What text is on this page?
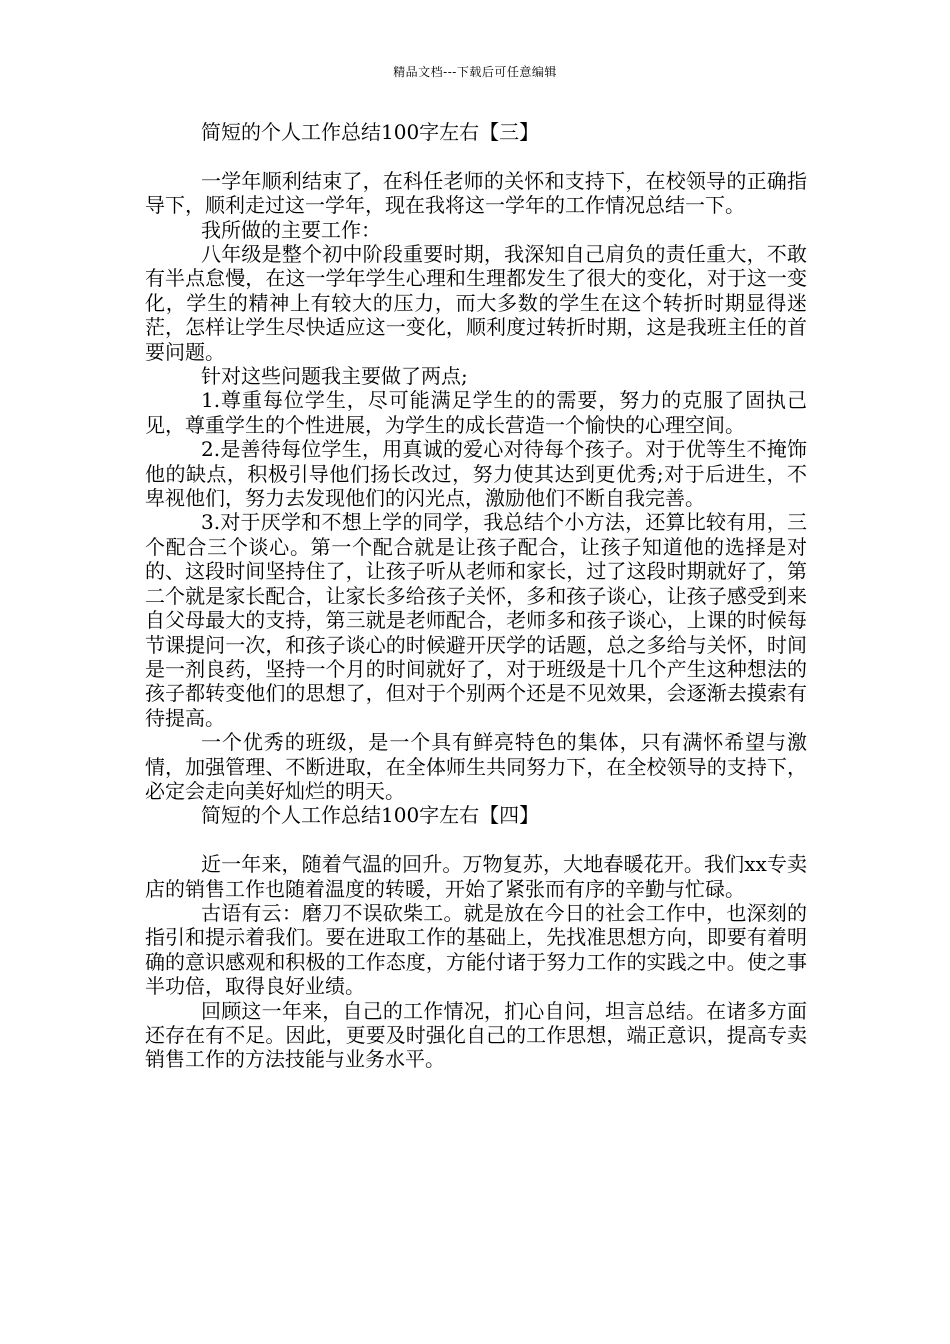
精品文档---下载后可任意编辑

简短的个人工作总结100字左右【三】

一学年顺利结束了，在科任老师的关怀和支持下，在校领导的正确指导下，顺利走过这一学年，现在我将这一学年的工作情况总结一下。

我所做的主要工作：

八年级是整个初中阶段重要时期，我深知自己肩负的责任重大，不敢有半点怠慢，在这一学年学生心理和生理都发生了很大的变化，对于这一变化，学生的精神上有较大的压力，而大多数的学生在这个转折时期显得迷茫，怎样让学生尽快适应这一变化，顺利度过转折时期，这是我班主任的首要问题。

针对这些问题我主要做了两点;

1.尊重每位学生，尽可能满足学生的的需要，努力的克服了固执己见，尊重学生的个性进展，为学生的成长营造一个愉快的心理空间。

2.是善待每位学生，用真诚的爱心对待每个孩子。对于优等生不掩饰他的缺点，积极引导他们扬长改过，努力使其达到更优秀;对于后进生，不卑视他们，努力去发现他们的闪光点，激励他们不断自我完善。

3.对于厌学和不想上学的同学，我总结个小方法，还算比较有用，三个配合三个谈心。第一个配合就是让孩子配合，让孩子知道他的选择是对的、这段时间坚持住了，让孩子听从老师和家长，过了这段时期就好了，第二个就是家长配合，让家长多给孩子关怀，多和孩子谈心，让孩子感受到来自父母最大的支持，第三就是老师配合，老师多和孩子谈心，上课的时候每节课提问一次，和孩子谈心的时候避开厌学的话题，总之多给与关怀，时间是一剂良药，坚持一个月的时间就好了，对于班级是十几个产生这种想法的孩子都转变他们的思想了，但对于个别两个还是不见效果，会逐渐去摸索有待提高。

一个优秀的班级，是一个具有鲜亮特色的集体，只有满怀希望与激情，加强管理、不断进取，在全体师生共同努力下，在全校领导的支持下，必定会走向美好灿烂的明天。

简短的个人工作总结100字左右【四】

近一年来，随着气温的回升。万物复苏，大地春暖花开。我们xx专卖店的销售工作也随着温度的转暖，开始了紧张而有序的辛勤与忙碌。

古语有云：磨刀不误砍柴工。就是放在今日的社会工作中，也深刻的指引和提示着我们。要在进取工作的基础上，先找准思想方向，即要有着明确的意识感观和积极的工作态度，方能付诸于努力工作的实践之中。使之事半功倍，取得良好业绩。

回顾这一年来，自己的工作情况，扪心自问，坦言总结。在诸多方面还存在有不足。因此，更要及时强化自己的工作思想，端正意识，提高专卖销售工作的方法技能与业务水平。
